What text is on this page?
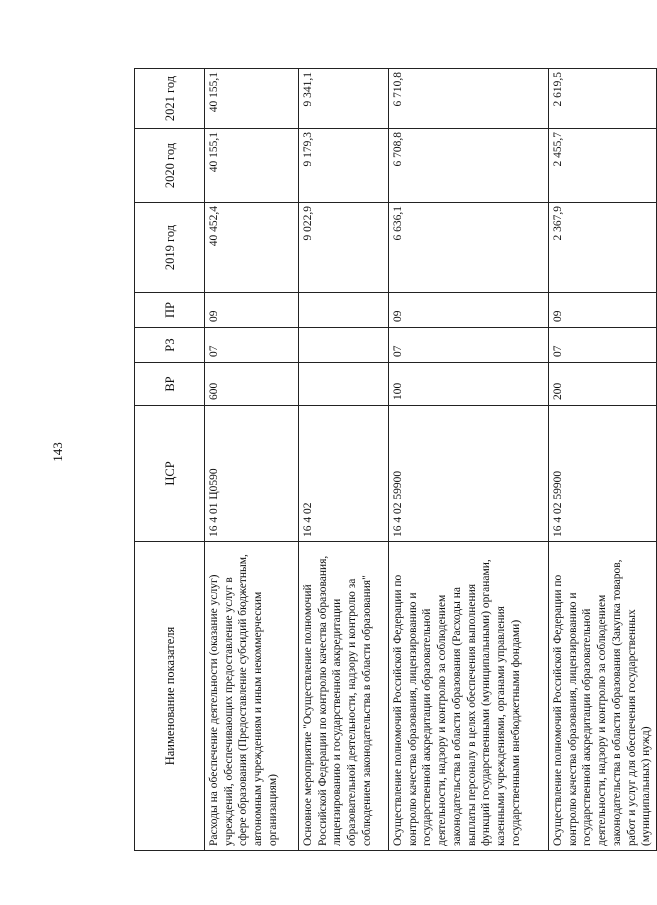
143
Наименование показателя	ЦСР	ВР	РЗ	ПР	2019 год	2020 год	2021 год
Расходы на обеспечение деятельности (оказание услуг) учреждений, обеспечивающих предоставление услуг в сфере образования (Предоставление субсидий бюджетным, автономным учреждениям и иным некоммерческим организациям)	16 4 01 Ц0590	600	07	09	40 452,4	40 155,1	40 155,1
Основное мероприятие "Осуществление полномочий Российской Федерации по контролю качества образования, лицензированию и государственной аккредитации образовательной деятельности, надзору и контролю за соблюдением законодательства в области образования"	16 4 02				9 022,9	9 179,3	9 341,1
Осуществление полномочий Российской Федерации по контролю качества образования, лицензированию и государственной аккредитации образовательной деятельности, надзору и контролю за соблюдением законодательства в области образования (Расходы на выплаты персоналу в целях обеспечения выполнения функций государственными (муниципальными) органами, казенными учреждениями, органами управления государственными внебюджетными фондами)	16 4 02 59900	100	07	09	6 636,1	6 708,8	6 710,8
Осуществление полномочий Российской Федерации по контролю качества образования, лицензированию и государственной аккредитации образовательной деятельности, надзору и контролю за соблюдением законодательства в области образования (Закупка товаров, работ и услуг для обеспечения государственных (муниципальных) нужд)	16 4 02 59900	200	07	09	2 367,9	2 455,7	2 619,5
